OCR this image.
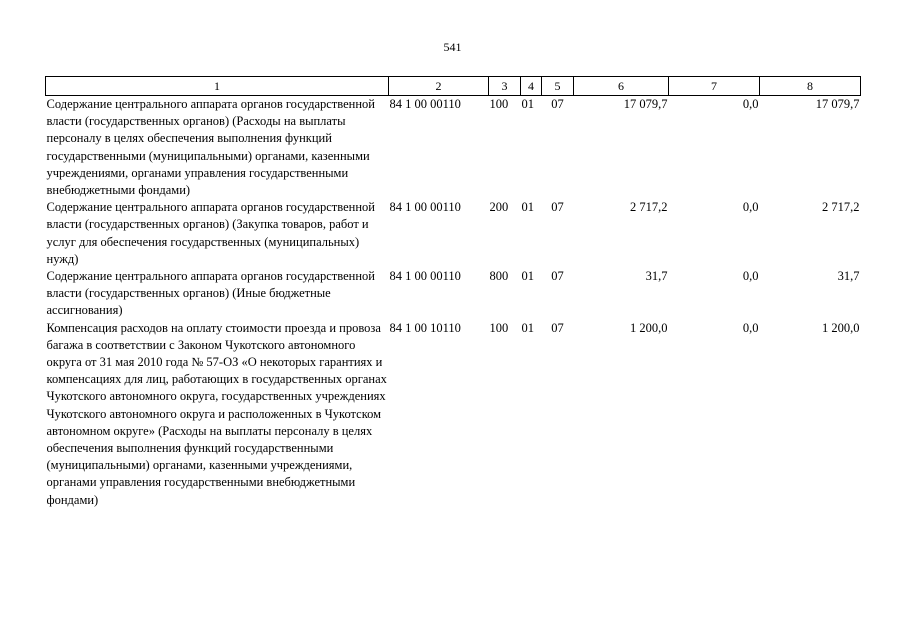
541
1	2	3	4	5	6	7	8
Содержание центрального аппарата органов государственной власти (государственных органов) (Расходы на выплаты персоналу в целях обеспечения выполнения функций государственными (муниципальными) органами, казенными учреждениями, органами управления государственными внебюджетными фондами)	84 1 00 00110	100	01	07	17 079,7	0,0	17 079,7
Содержание центрального аппарата органов государственной власти (государственных органов) (Закупка товаров, работ и услуг для обеспечения государственных (муниципальных) нужд)	84 1 00 00110	200	01	07	2 717,2	0,0	2 717,2
Содержание центрального аппарата органов государственной власти (государственных органов) (Иные бюджетные ассигнования)	84 1 00 00110	800	01	07	31,7	0,0	31,7
Компенсация расходов на оплату стоимости проезда и провоза багажа в соответствии с Законом Чукотского автономного округа от 31 мая 2010 года № 57-ОЗ «О некоторых гарантиях и компенсациях для лиц, работающих в государственных органах Чукотского автономного округа, государственных учреждениях Чукотского автономного округа и расположенных в Чукотском автономном округе» (Расходы на выплаты персоналу в целях обеспечения выполнения функций государственными (муниципальными) органами, казенными учреждениями, органами управления государственными внебюджетными фондами)	84 1 00 10110	100	01	07	1 200,0	0,0	1 200,0
